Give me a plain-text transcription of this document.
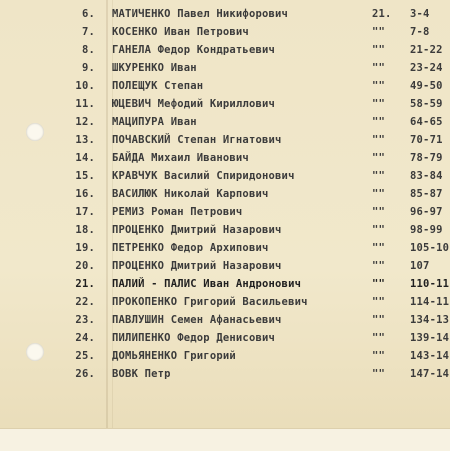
6. МАТИЧЕНКО Павел Никифорович	21. 3-4
7. КОСЕНКО Иван Петрович	"" 7-8
8. ГАНЕЛА Федор Кондратьевич	"" 21-22
9. ШКУРЕНКО Иван	"" 23-24
10. ПОЛЕЩУК Степан	"" 49-50
11. ЮЦЕВИЧ Мефодий Кириллович	"" 58-59
12. МАЦИПУРА Иван	"" 64-65
13. ПОЧАВСКИЙ Степан Игнатович	"" 70-71
14. БАЙДА Михаил Иванович	"" 78-79
15. КРАВЧУК Василий Спиридонович	"" 83-84
16. ВАСИЛЮК Николай Карпович	"" 85-87
17. РЕМИЗ Роман Петрович	"" 96-97
18. ПРОЦЕНКО Дмитрий Назарович	"" 98-99
19. ПЕТРЕНКО Федор Архипович	"" 105-10
20. ПРОЦЕНКО Дмитрий Назарович	"" 107
21. ПАЛИЙ - ПАЛИС Иван Андронович	"" 110-11
22. ПРОКОПЕНКО Григорий Васильевич	"" 114-11
23. ПАВЛУШИН Семен Афанасьевич	"" 134-13
24. ПИЛИПЕНКО Федор Денисович	"" 139-14
25. ДОМЬЯНЕНКО Григорий	"" 143-14
26. ВОВК Петр	"" 147-14
